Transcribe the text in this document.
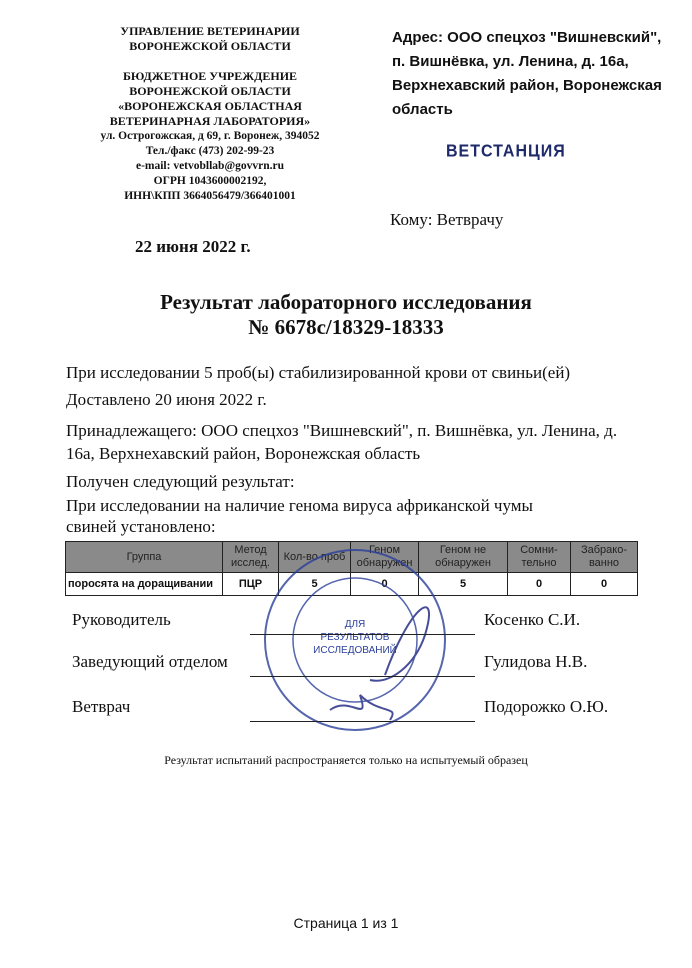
УПРАВЛЕНИЕ ВЕТЕРИНАРИИ
ВОРОНЕЖСКОЙ ОБЛАСТИ
БЮДЖЕТНОЕ УЧРЕЖДЕНИЕ
ВОРОНЕЖСКОЙ ОБЛАСТИ
«ВОРОНЕЖСКАЯ ОБЛАСТНАЯ
ВЕТЕРИНАРНАЯ ЛАБОРАТОРИЯ»
ул. Острогожская, д 69, г. Воронеж, 394052
Тел./факс (473) 202-99-23
e-mail: vetvobllab@govvrn.ru
ОГРН 1043600002192,
ИНН\КПП 3664056479/366401001
Адрес: ООО спецхоз "Вишневский", п. Вишнёвка, ул. Ленина, д. 16а, Верхнехавский район, Воронежская область
ВЕТСТАНЦИЯ
Кому: Ветврачу
22 июня 2022 г.
Результат лабораторного исследования
№ 6678с/18329-18333
При исследовании 5 проб(ы) стабилизированной крови от свиньи(ей)
Доставлено 20 июня 2022 г.
Принадлежащего: ООО спецхоз "Вишневский", п. Вишнёвка, ул. Ленина, д. 16а, Верхнехавский район, Воронежская область
Получен следующий результат:
При исследовании на наличие генома вируса африканской чумы свиней установлено:
Группа	Метод исслед.	Кол-во проб	Геном обнаружен	Геном не обнаружен	Сомни-тельно	Забрако-ванно
поросята на доращивании	ПЦР	5	0	5	0	0
ДЛЯ
РЕЗУЛЬТАТОВ
ИССЛЕДОВАНИЙ
Руководитель	Косенко С.И.
Заведующий отделом	Гулидова Н.В.
Ветврач	Подорожко О.Ю.
Результат испытаний распространяется только на испытуемый образец
Страница 1 из 1
